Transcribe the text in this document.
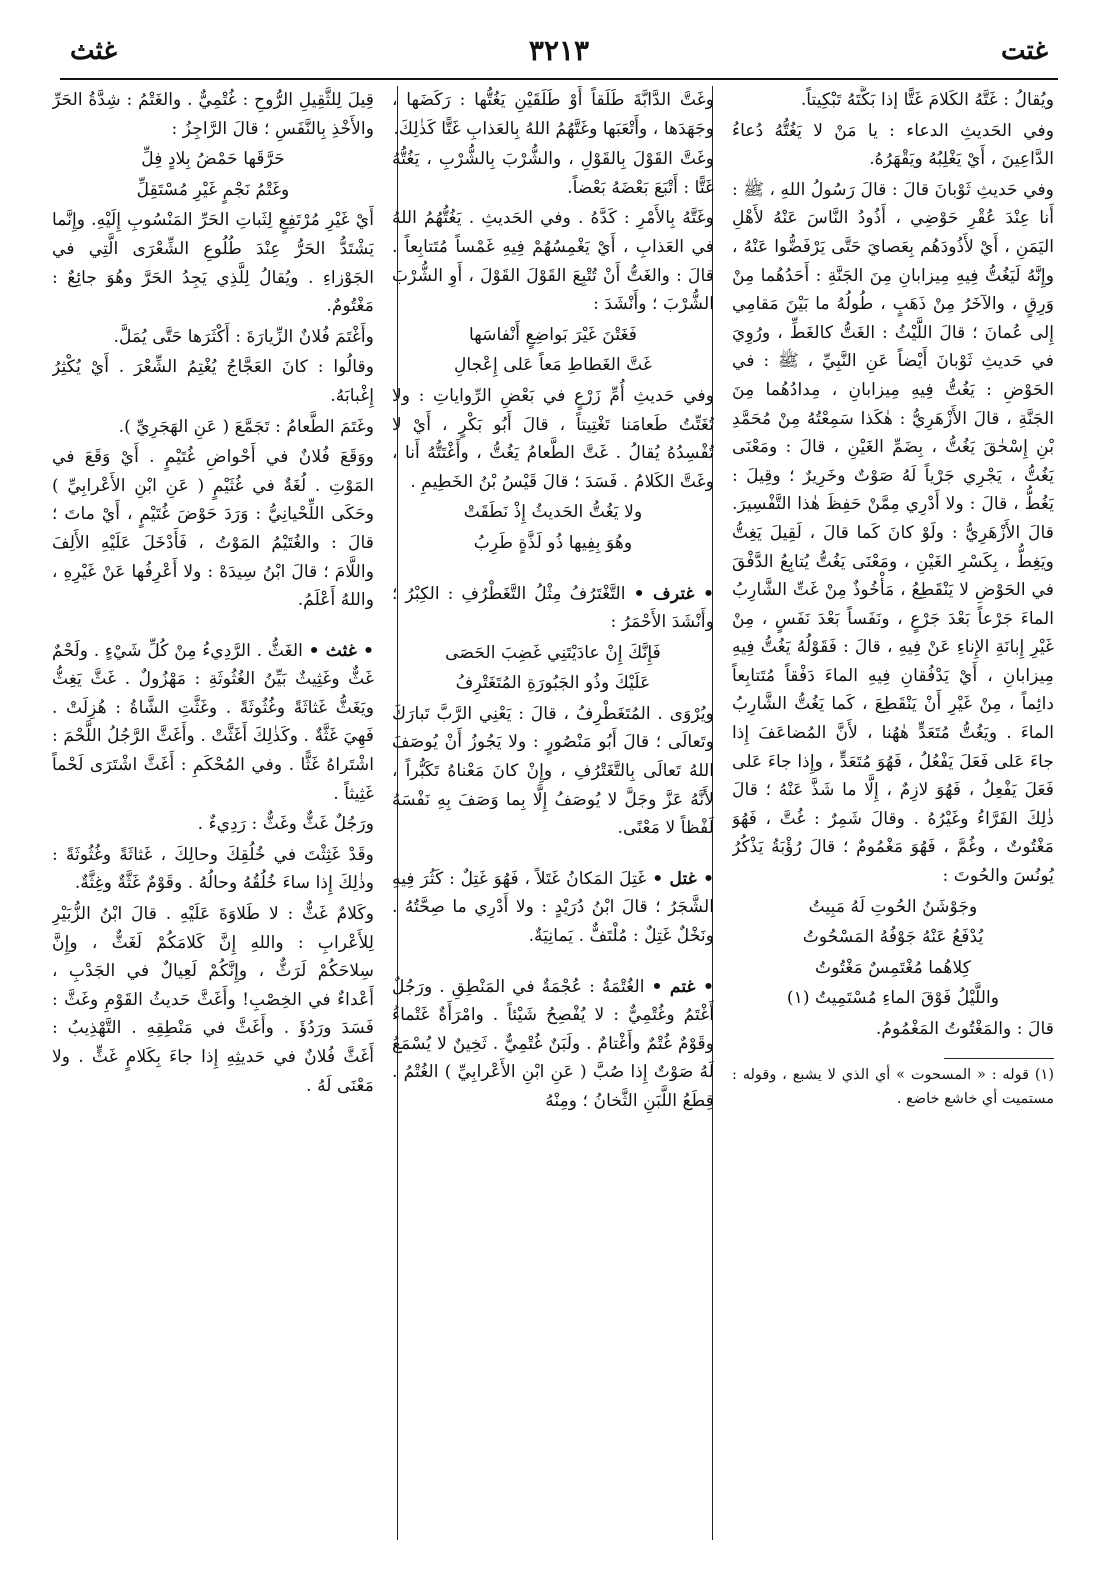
غتت
٣٢١٣
غثث

ويُقالُ : غَتَّهُ الكَلامَ غَتًّا إذا بَكَّتَهُ تَبْكِيتاً.

وفي الحَديثِ الدعاء : يا مَنْ لا يَغُتُّهُ دُعاءُ الدَّاعِينَ ، أَيْ يَغْلِبُهُ ويَقْهَرُهُ.

وفي حَديثِ ثَوْبانَ قالَ : قالَ رَسُولُ اللهِ ، ﷺ : أَنا عِنْدَ عُقْرِ حَوْضِي ، أَذُودُ النَّاسَ عَنْهُ لأَهْلِ اليَمَنِ ، أَيْ لأَذُودَهُم بِعَصايَ حَتَّى يَرْفَضُّوا عَنْهُ ، وإِنَّهُ لَيَغُتُّ فِيهِ مِيزابانِ مِنَ الجَنَّةِ : أَحَدُهُما مِنْ وَرِقٍ ، والآخَرُ مِنْ ذَهَبٍ ، طُولُهُ ما بَيْنَ مَقامِي إِلى عُمانَ ؛ قالَ اللَّيْثُ : الغَتُّ كالغَطِّ ، ورُوِيَ في حَديثِ ثَوْبانَ أَيْضاً عَنِ النَّبِيِّ ، ﷺ : في الحَوْضِ : يَغُتُّ فِيهِ مِيزابانِ ، مِدادُهُما مِنَ الجَنَّةِ ، قالَ الأَزْهَرِيُّ : هٰكَذا سَمِعْتُهُ مِنْ مُحَمَّدِ بْنِ إِسْحٰقَ يَغُتُّ ، بِضَمِّ الغَيْنِ ، قالَ : ومَعْنَى يَغُتُّ ، يَجْرِي جَرْياً لَهُ صَوْتٌ وخَرِيرٌ ؛ وقِيلَ : يَغُطُّ ، قالَ : ولا أَدْرِي مِمَّنْ حَفِظَ هٰذا التَّفْسِيرَ. قالَ الأَزْهَرِيُّ : ولَوْ كانَ كَما قالَ ، لَقِيلَ يَغِتُّ ويَغِطُّ ، بِكَسْرِ الغَيْنِ ، ومَعْنَى يَغُتُّ يُتابِعُ الدَّفْقَ في الحَوْضِ لا يَنْقَطِعُ ، مَأْخُوذٌ مِنْ غَتِّ الشَّارِبُ الماءَ جَرْعاً بَعْدَ جَرْعٍ ، ونَفَساً بَعْدَ نَفَسٍ ، مِنْ غَيْرِ إِبانَةِ الإِناءِ عَنْ فِيهِ ، قالَ : فَقَوْلُهُ يَغُتُّ فِيهِ مِيزابانِ ، أَيْ يَدْفُقانِ فِيهِ الماءَ دَفْقاً مُتَتابِعاً دائِماً ، مِنْ غَيْرِ أَنْ يَنْقَطِعَ ، كَما يَغُتُّ الشَّارِبُ الماءَ . ويَغُتُّ مُتَعَدٍّ هٰهُنا ، لأَنَّ المُضاعَفَ إِذا جاءَ عَلى فَعَلَ يَفْعُلُ ، فَهُوَ مُتَعَدٍّ ، وإِذا جاءَ عَلى فَعَلَ يَفْعِلُ ، فَهُوَ لازِمٌ ، إِلَّا ما شَذَّ عَنْهُ ؛ قالَ ذٰلِكَ الفَرَّاءُ وغَيْرُهُ . وقالَ شَمِرٌ : غُتَّ ، فَهُوَ مَغْتُوتٌ ، وغُمَّ ، فَهُوَ مَغْمُومٌ ؛ قالَ رُؤْبَةُ يَذْكُرُ يُونُسَ والحُوتَ :

وجَوْشَنُ الحُوتِ لَهُ مَبِيتُ
يُدْفَعُ عَنْهُ جَوْفُهُ المَسْحُوتُ
كِلاهُما مُغْتَمِسٌ مَغْتُوتُ
واللَّيْلُ فَوْقَ الماءِ مُسْتَمِيتُ (١)

قالَ : والمَغْتُوتُ المَغْمُومُ.

(١) قوله : « المسحوت » أي الذي لا يشبع ، وقوله : مستميت أي خاشع خاضع .

وغَتَّ الدَّابَّةَ طَلَقاً أَوْ طَلَقَيْنِ يَغُتُّها : رَكَضَها ، وجَهَدَها ، وأَتْعَبَها وغَتَّهُمُ اللهُ بِالعَذابِ غَتًّا كَذٰلِكَ.

وغَتَّ القَوْلَ بِالقَوْلِ ، والشُّرْبَ بِالشُّرْبِ ، يَغُتُّهُ غَتًّا : أَتْبَعَ بَعْضَهُ بَعْضاً.

وغَتَّهُ بِالأَمْرِ : كَدَّهُ . وفي الحَديثِ . يَغُتُّهُمُ اللهُ في العَذابِ ، أَيْ يَغْمِسُهُمْ فِيهِ غَمْساً مُتَتابِعاً . قالَ : والغَتُّ أَنْ تُتْبِعَ القَوْلَ القَوْلَ ، أَوِ الشُّرْبَ الشُّرْبَ ؛ وأَنْشَدَ :

فَغَتْنَ غَيْرَ بَواضِعٍ أَنْفاسَها
غَتَّ الغَطاطِ مَعاً عَلى إِعْجالِ

وفي حَديثِ أُمِّ زَرْعٍ في بَعْضِ الرِّواياتِ : ولا تُغَتِّتُ طَعامَنا تَغْتِيتاً ، قالَ أَبُو بَكْرٍ ، أَيْ لا تُفْسِدُهُ يُقالُ . غَتَّ الطَّعامُ يَغُتُّ ، وأَغْتَتُّهُ أَنا ، وغَتَّ الكَلامُ . فَسَدَ ؛ قالَ قَيْسُ بْنُ الخَطِيمِ .

ولا يَغُتُّ الحَديثُ إِذْ نَطَقَتْ
وهُوَ بِفِيها ذُو لَذَّةٍ طَرِبُ

• غترف • التَّغْتَرُفُ مِثْلُ التَّغَطْرُفِ : الكِبْرُ ؛ وأَنْشَدَ الأَحْمَرُ :

فَإِنَّكَ إِنْ عادَيْتَنِي غَضِبَ الحَصَى
عَلَيْكَ وذُو الجَبُورَةِ المُتَغَتْرِفُ

ويُرْوَى . المُتَغَطْرِفُ ، قالَ : يَعْنِي الرَّبَّ تَبارَكَ وتَعالَى ؛ قالَ أَبُو مَنْصُورٍ : ولا يَجُوزُ أَنْ يُوصَفَ اللهُ تَعالَى بِالتَّغَتْرُفِ ، وإِنْ كانَ مَعْناهُ تَكَبُّراً ، لأَنَّهُ عَزَّ وجَلَّ لا يُوصَفُ إِلَّا بِما وَصَفَ بِهِ نَفْسَهُ لَفْظاً لا مَعْنًى.

• غتل • غَتِلَ المَكانُ غَتَلاً ، فَهُوَ غَتِلٌ : كَثُرَ فِيهِ الشَّجَرُ ؛ قالَ ابْنُ دُرَيْدٍ : ولا أَدْرِي ما صِحَّتُهُ . ونَخْلٌ غَتِلٌ : مُلْتَفٌّ . يَمانِيَةٌ.

• غتم • الغُتْمَةُ : عُجْمَةٌ في المَنْطِقِ . ورَجُلٌ أَغْتَمُ وغُتْمِيٌّ : لا يُفْصِحُ شَيْئاً . وامْرَأَةٌ غَتْماءُ وقَوْمٌ غُتْمٌ وأَغْتامٌ . ولَبَنٌ غُتْمِيٌّ . ثَخِينٌ لا يُسْمَعُ لَهُ صَوْتٌ إِذا صُبَّ ( عَنِ ابْنِ الأَعْرابِيِّ ) الغُتْمُ . قِطَعُ اللَّبَنِ الثَّخانُ ؛ ومِنْهُ

قِيلَ لِلثَّقِيلِ الرُّوحِ : غُتْمِيٌّ . والغَتْمُ : شِدَّةُ الحَرِّ والأَخْذِ بِالنَّفَسِ ؛ قالَ الرَّاجِزُ :

حَرَّقَها حَمْضُ بِلادٍ فِلِّ
وغَتْمُ نَجْمٍ غَيْرِ مُسْتَقِلِّ

أَيْ غَيْرِ مُرْتَفِعٍ لِثَباتِ الحَرِّ المَنْسُوبِ إِلَيْهِ. وإِنَّما يَشْتَدُّ الحَرُّ عِنْدَ طُلُوعِ الشِّعْرَى الَّتِي في الجَوْزاءِ . ويُقالُ لِلَّذِي يَجِدُ الحَرَّ وهُوَ جائِعٌ : مَغْتُومٌ.

وأَغْتَمَ فُلانٌ الزِّيارَةَ : أَكْثَرَها حَتَّى يُمَلَّ.

وقالُوا : كانَ العَجَّاجُ يُغْتِمُ الشِّعْرَ . أَيْ يُكْثِرُ إِغْبابَهُ.

وغَتَمَ الطَّعامُ : تَجَمَّعَ ( عَنِ الهَجَرِيِّ ).

ووَقَعَ فُلانٌ في أَحْواضِ غُتَيْمٍ . أَيْ وَقَعَ في المَوْتِ . لُغَةٌ في غُثَيْمٍ ( عَنِ ابْنِ الأَعْرابِيِّ ) وحَكَى اللِّحْيانِيُّ : وَرَدَ حَوْضَ غُتَيْمٍ ، أَيْ ماتَ ؛ قالَ : والغُتَيْمُ المَوْتُ ، فَأَدْخَلَ عَلَيْهِ الأَلِفَ واللَّامَ ؛ قالَ ابْنُ سِيدَهْ : ولا أَعْرِفُها عَنْ غَيْرِهِ ، واللهُ أَعْلَمُ.

• غثث • الغَثُّ . الرَّدِيءُ مِنْ كُلِّ شَيْءٍ . ولَحْمٌ غَثٌّ وغَثِيثٌ بَيِّنُ الغُثُوثَةِ : مَهْزُولٌ . غَثَّ يَغِثُّ ويَغَثُّ غَثاثَةً وغُثُوثَةً . وغَثَّتِ الشَّاةُ : هُزِلَتْ . فَهِيَ غَثَّةٌ . وكَذٰلِكَ أَغَثَّتْ . وأَغَثَّ الرَّجُلُ اللَّحْمَ : اشْتَراهُ غَثًّا . وفي المُحْكَمِ : أَغَثَّ اشْتَرَى لَحْماً غَثِيثاً .

ورَجُلٌ غَثٌّ وغَثٌّ : رَدِيءٌ .

وقَدْ غَثِثْتَ في خُلُقِكَ وحالِكَ ، غَثاثَةً وغُثُوثَةً : وذٰلِكَ إِذا ساءَ خُلُقُهُ وحالُهُ . وقَوْمٌ غَثَّةٌ وغِثَّةٌ.

وكَلامٌ غَثٌّ : لا طَلاوَةَ عَلَيْهِ . قالَ ابْنُ الزُّبَيْرِ لِلأَعْرابِ : واللهِ إِنَّ كَلامَكُمْ لَغَثٌّ ، وإِنَّ سِلاحَكُمْ لَرَثٌّ ، وإِنَّكُمْ لَعِيالٌ في الجَدْبِ ، أَعْداءٌ في الخِصْبِ! وأَغَثَّ حَديثُ القَوْمِ وغَثَّ : فَسَدَ ورَدُؤَ . وأَغَثَّ في مَنْطِقِهِ . التَّهْذِيبُ : أَغَثَّ فُلانٌ في حَديثِهِ إِذا جاءَ بِكَلامٍ غَثٍّ . ولا مَعْنَى لَهُ .
